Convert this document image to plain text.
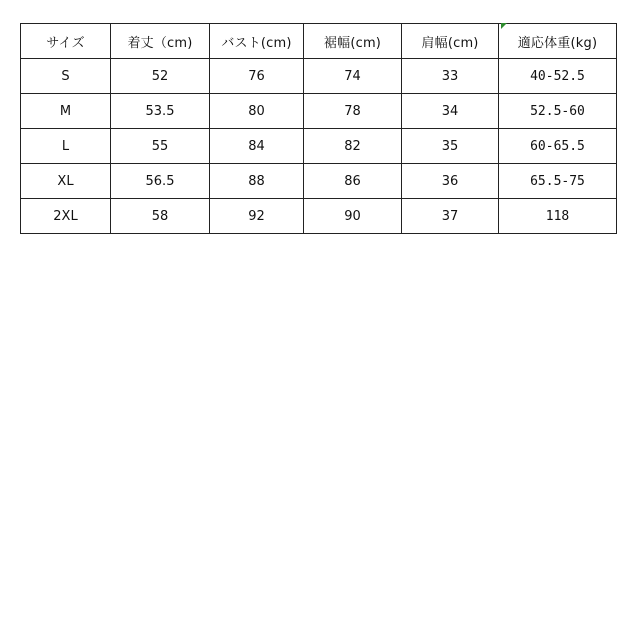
サイズ	着丈（cm)	バスト(cm)	裾幅(cm)	肩幅(cm)	適応体重(kg)
S	52	76	74	33	40-52.5
M	53.5	80	78	34	52.5-60
L	55	84	82	35	60-65.5
XL	56.5	88	86	36	65.5-75
2XL	58	92	90	37	118
